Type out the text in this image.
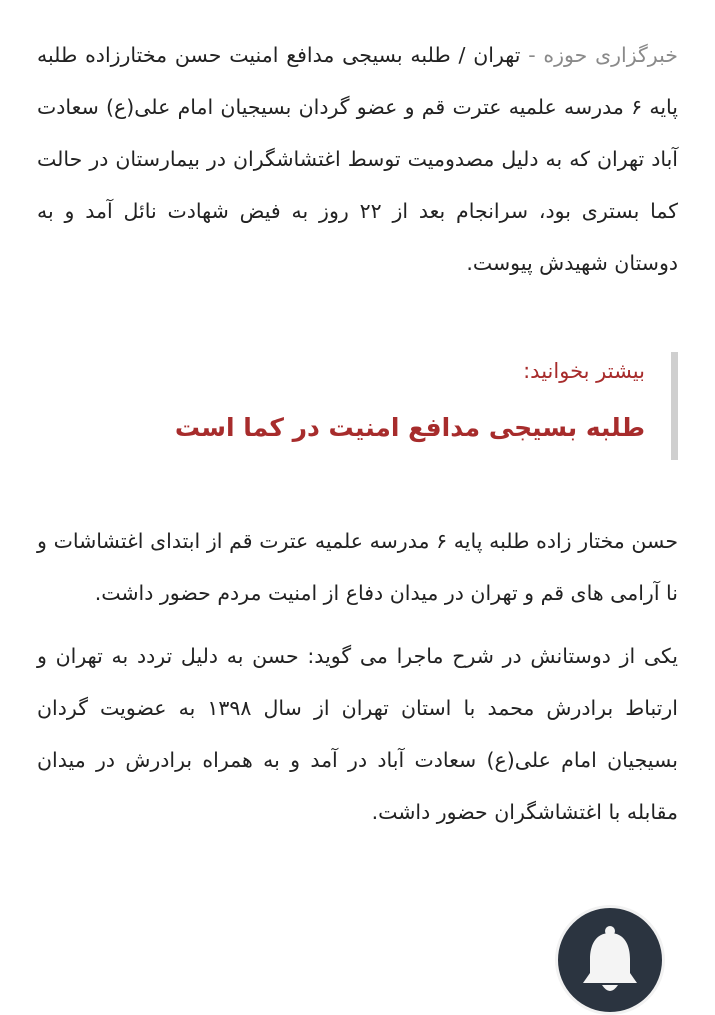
خبرگزاری حوزه - تهران / طلبه بسیجی مدافع امنیت حسن مختارزاده طلبه پایه ۶ مدرسه علمیه عترت قم و عضو گردان بسیجیان امام علی(ع) سعادت آباد تهران که به دلیل مصدومیت توسط اغتشاشگران در بیمارستان در حالت کما بستری بود، سرانجام بعد از ۲۲ روز به فیض شهادت نائل آمد و به دوستان شهیدش پیوست.

بیشتر بخوانید:
طلبه بسیجی مدافع امنیت در کما است

حسن مختار زاده طلبه پایه ۶ مدرسه علمیه عترت قم از ابتدای اغتشاشات و نا آرامی های قم و تهران در میدان دفاع از امنیت مردم حضور داشت.

یکی از دوستانش در شرح ماجرا می گوید: حسن به دلیل تردد به تهران و ارتباط برادرش محمد با استان تهران از سال ۱۳۹۸ به عضویت گردان بسیجیان امام علی(ع) سعادت آباد در آمد و به همراه برادرش در میدان مقابله با اغتشاشگران حضور داشت.
